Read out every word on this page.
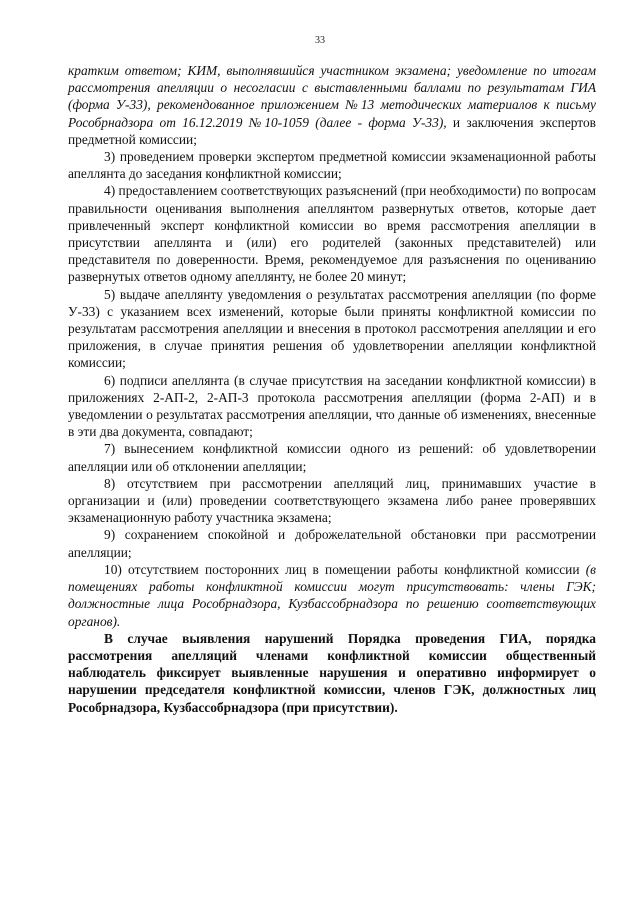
33

кратким ответом; КИМ, выполнявшийся участником экзамена; уведомление по итогам рассмотрения апелляции о несогласии с выставленными баллами по результатам ГИА (форма У-33), рекомендованное приложением №13 методических материалов к письму Рособрнадзора от 16.12.2019 №10-1059 (далее - форма У-33), и заключения экспертов предметной комиссии;

3) проведением проверки экспертом предметной комиссии экзаменационной работы апеллянта до заседания конфликтной комиссии;

4) предоставлением соответствующих разъяснений (при необходимости) по вопросам правильности оценивания выполнения апеллянтом развернутых ответов, которые дает привлеченный эксперт конфликтной комиссии во время рассмотрения апелляции в присутствии апеллянта и (или) его родителей (законных представителей) или представителя по доверенности. Время, рекомендуемое для разъяснения по оцениванию развернутых ответов одному апеллянту, не более 20 минут;

5) выдаче апеллянту уведомления о результатах рассмотрения апелляции (по форме У-33) с указанием всех изменений, которые были приняты конфликтной комиссии по результатам рассмотрения апелляции и внесения в протокол рассмотрения апелляции и его приложения, в случае принятия решения об удовлетворении апелляции конфликтной комиссии;

6) подписи апеллянта (в случае присутствия на заседании конфликтной комиссии) в приложениях 2-АП-2, 2-АП-3 протокола рассмотрения апелляции (форма 2-АП) и в уведомлении о результатах рассмотрения апелляции, что данные об изменениях, внесенные в эти два документа, совпадают;

7) вынесением конфликтной комиссии одного из решений: об удовлетворении апелляции или об отклонении апелляции;

8) отсутствием при рассмотрении апелляций лиц, принимавших участие в организации и (или) проведении соответствующего экзамена либо ранее проверявших экзаменационную работу участника экзамена;

9) сохранением спокойной и доброжелательной обстановки при рассмотрении апелляции;

10) отсутствием посторонних лиц в помещении работы конфликтной комиссии (в помещениях работы конфликтной комиссии могут присутствовать: члены ГЭК; должностные лица Рособрнадзора, Кузбассобрнадзора по решению соответствующих органов).

В случае выявления нарушений Порядка проведения ГИА, порядка рассмотрения апелляций членами конфликтной комисcии общественный наблюдатель фиксирует выявленные нарушения и оперативно информирует о нарушении председателя конфликтной комиссии, членов ГЭК, должностных лиц Рособрнадзора, Кузбассобрнадзора (при присутствии).
